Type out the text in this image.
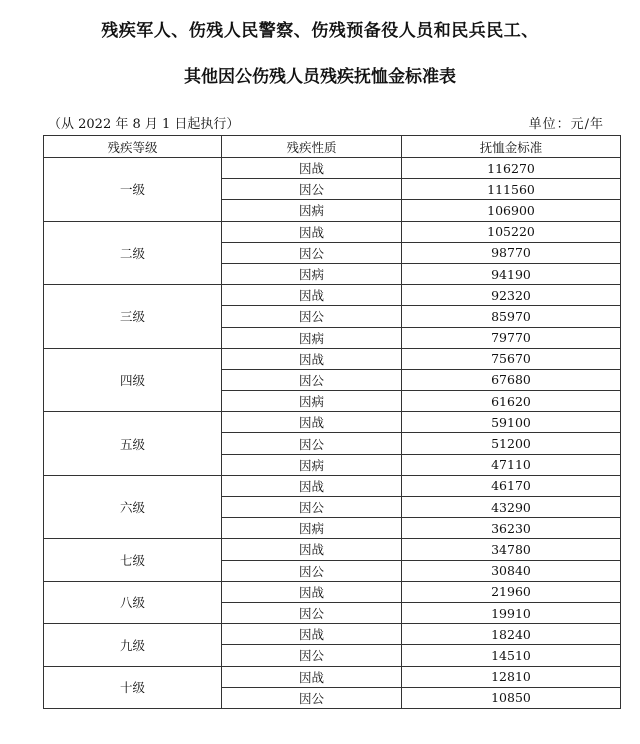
残疾军人、伤残人民警察、伤残预备役人员和民兵民工、
其他因公伤残人员残疾抚恤金标准表
（从 2022 年 8 月 1 日起执行）	单位：元/年
残疾等级	残疾性质	抚恤金标准
一级	因战	116270
	因公	111560
	因病	106900
二级	因战	105220
	因公	98770
	因病	94190
三级	因战	92320
	因公	85970
	因病	79770
四级	因战	75670
	因公	67680
	因病	61620
五级	因战	59100
	因公	51200
	因病	47110
六级	因战	46170
	因公	43290
	因病	36230
七级	因战	34780
	因公	30840
八级	因战	21960
	因公	19910
九级	因战	18240
	因公	14510
十级	因战	12810
	因公	10850
